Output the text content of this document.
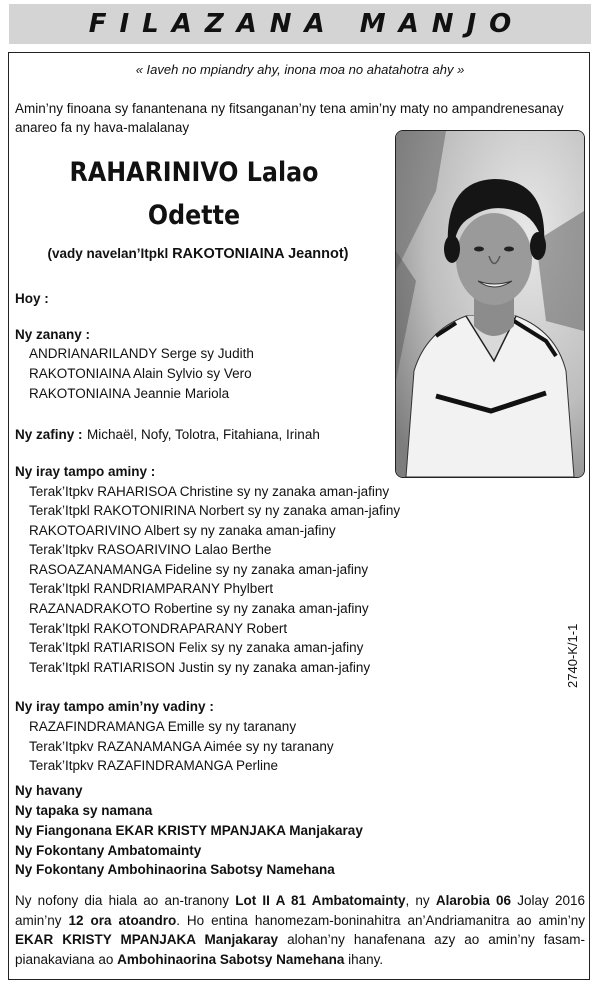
FILAZANA MANJO
« Iaveh no mpiandry ahy, inona moa no ahatahotra ahy »
Amin’ny finoana sy fanantenana ny fitsanganan’ny tena amin’ny maty no ampandrenesanay anareo fa ny hava-malalanay
RAHARINIVO Lalao
Odette
(vady navelan’Itpkl RAKOTONIAINA Jeannot)
Hoy :
Ny zanany :
ANDRIANARILANDY Serge sy Judith
RAKOTONIAINA Alain Sylvio sy Vero
RAKOTONIAINA Jeannie Mariola
Ny zafiny : Michaël, Nofy, Tolotra, Fitahiana, Irinah
Ny iray tampo aminy :
Terak’Itpkv RAHARISOA Christine sy ny zanaka aman-jafiny
Terak’Itpkl RAKOTONIRINA Norbert sy ny zanaka aman-jafiny
RAKOTOARIVINO Albert sy ny zanaka aman-jafiny
Terak’Itpkv RASOARIVINO Lalao Berthe
RASOAZANAMANGA Fideline sy ny zanaka aman-jafiny
Terak’Itpkl RANDRIAMPARANY Phylbert
RAZANADRAKOTO Robertine sy ny zanaka aman-jafiny
Terak’Itpkl RAKOTONDRAPARANY Robert
Terak’Itpkl RATIARISON Felix sy ny zanaka aman-jafiny
Terak’Itpkl RATIARISON Justin sy ny zanaka aman-jafiny	2740-K/1-1
Ny iray tampo amin’ny vadiny :
RAZAFINDRAMANGA Emille sy ny taranany
Terak’Itpkv RAZANAMANGA Aimée sy ny taranany
Terak’Itpkv RAZAFINDRAMANGA Perline
Ny havany
Ny tapaka sy namana
Ny Fiangonana EKAR KRISTY MPANJAKA Manjakaray
Ny Fokontany Ambatomainty
Ny Fokontany Ambohinaorina Sabotsy Namehana
Ny nofony dia hiala ao an-tranony Lot II A 81 Ambatomainty, ny Alarobia 06 Jolay 2016 amin’ny 12 ora atoandro. Ho entina hanomezam-boninahitra an’Andriamanitra ao amin’ny EKAR KRISTY MPANJAKA Manjakaray alohan’ny hanafenana azy ao amin’ny fasam-pianakaviana ao Ambohinaorina Sabotsy Namehana ihany.
